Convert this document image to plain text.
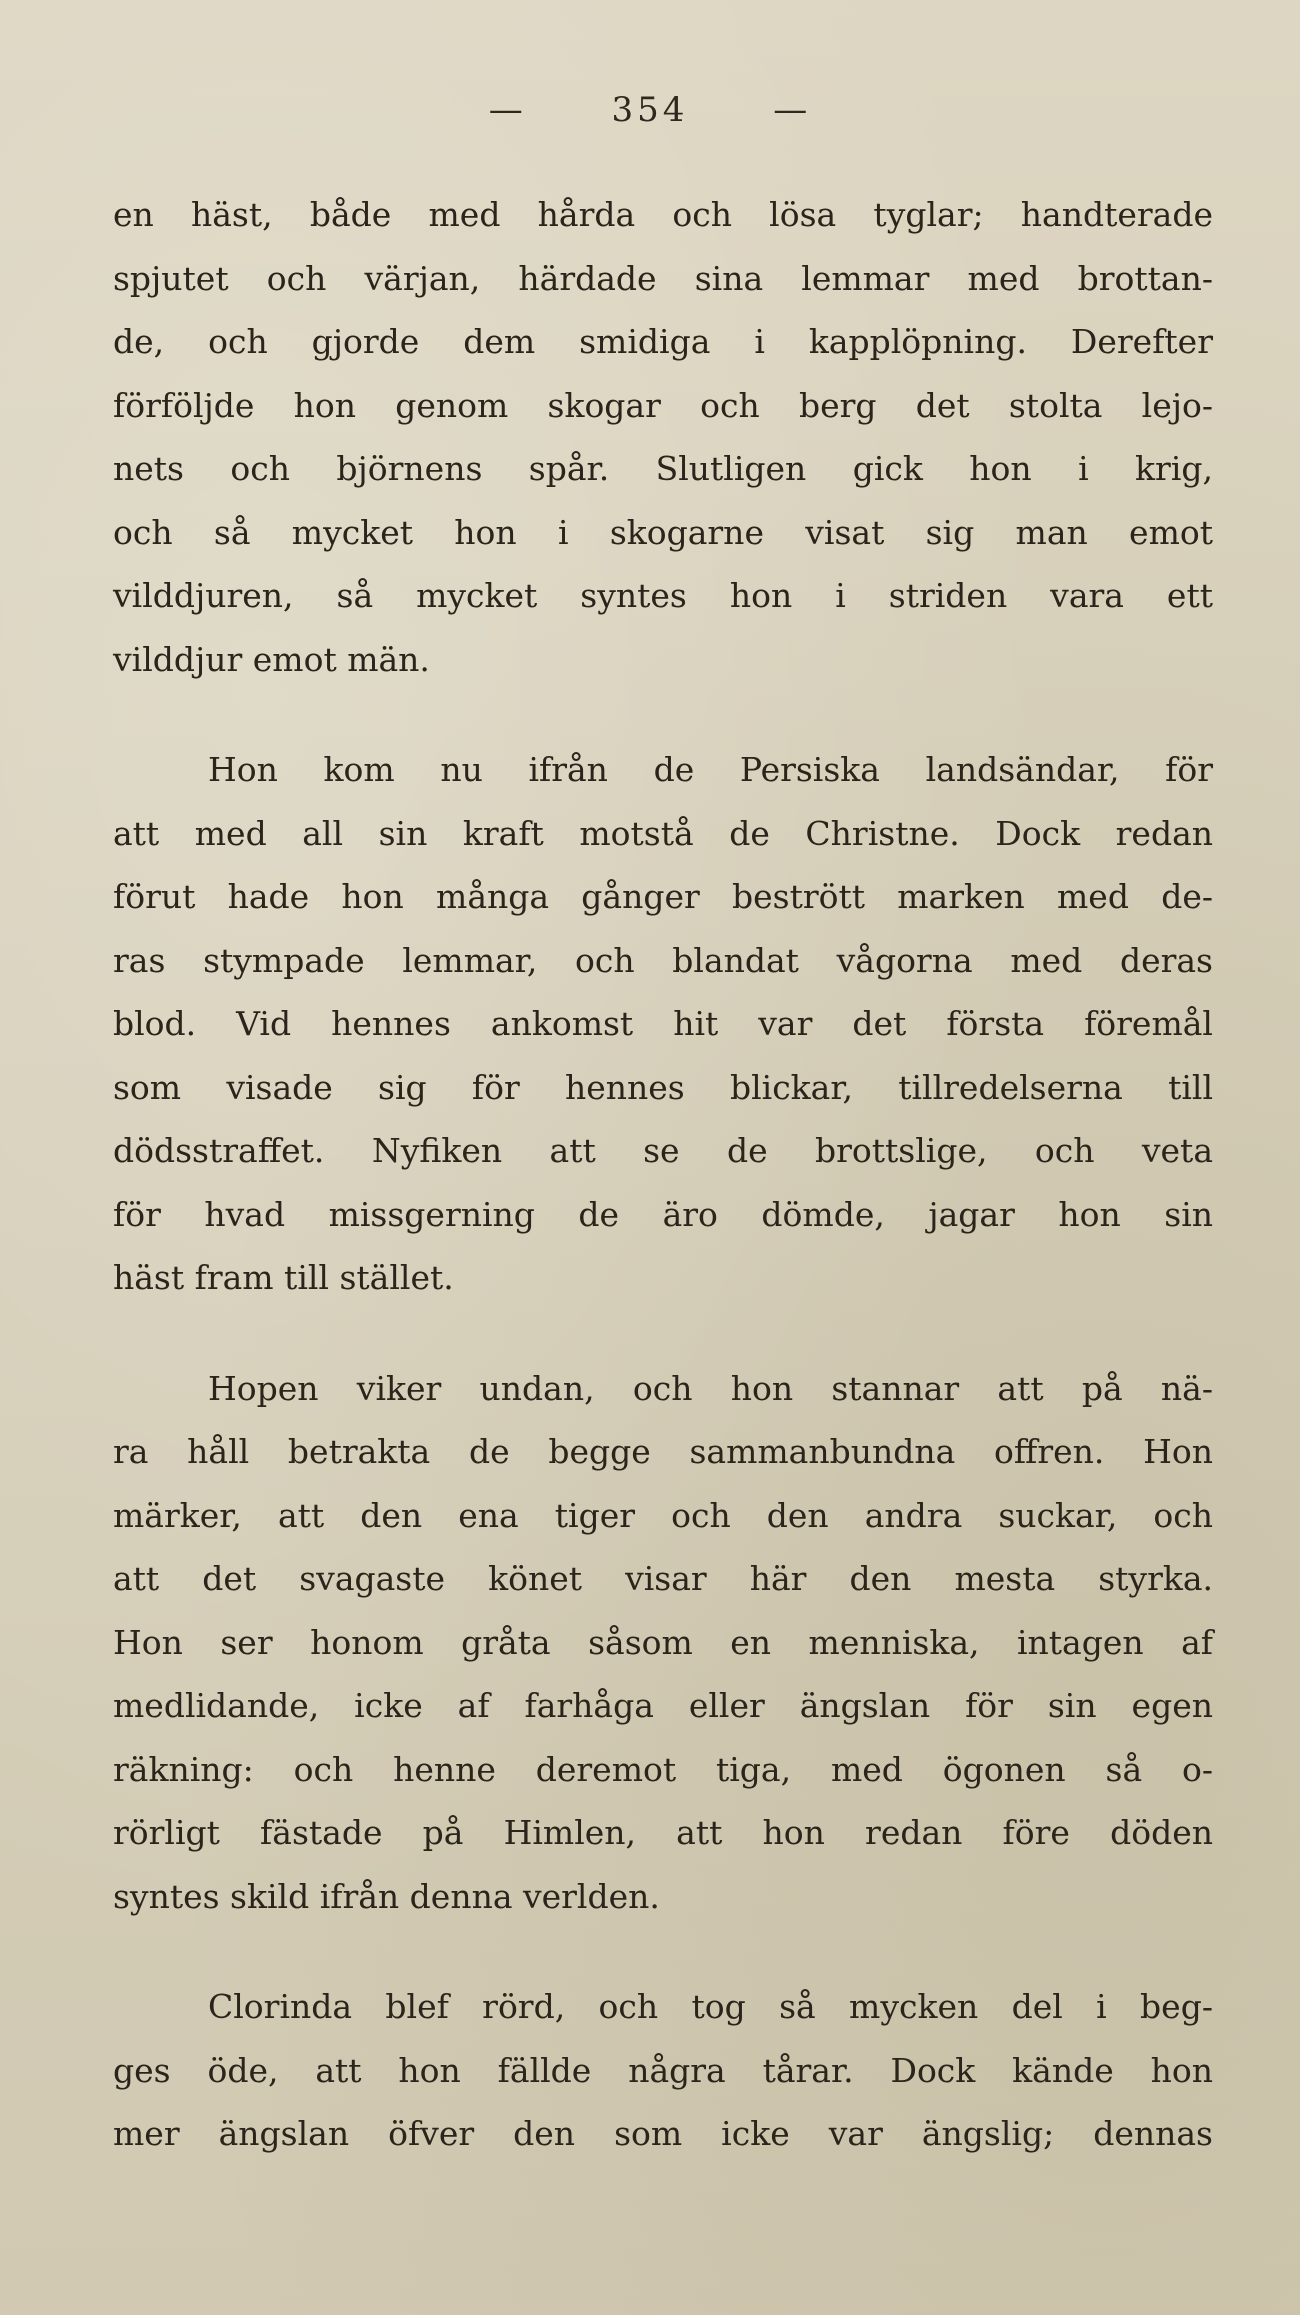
— 354 —
en häst, både med hårda och lösa tyglar; handterade
spjutet och värjan, härdade sina lemmar med brottan-
de, och gjorde dem smidiga i kapplöpning. Derefter
förföljde hon genom skogar och berg det stolta lejo-
nets och björnens spår. Slutligen gick hon i krig,
och så mycket hon i skogarne visat sig man emot
vilddjuren, så mycket syntes hon i striden vara ett
vilddjur emot män.
Hon kom nu ifrån de Persiska landsändar, för
att med all sin kraft motstå de Christne. Dock redan
förut hade hon många gånger bestrött marken med de-
ras stympade lemmar, och blandat vågorna med deras
blod. Vid hennes ankomst hit var det första föremål
som visade sig för hennes blickar, tillredelserna till
dödsstraffet. Nyfiken att se de brottslige, och veta
för hvad missgerning de äro dömde, jagar hon sin
häst fram till stället.
Hopen viker undan, och hon stannar att på nä-
ra håll betrakta de begge sammanbundna offren. Hon
märker, att den ena tiger och den andra suckar, och
att det svagaste könet visar här den mesta styrka.
Hon ser honom gråta såsom en menniska, intagen af
medlidande, icke af farhåga eller ängslan för sin egen
räkning: och henne deremot tiga, med ögonen så o-
rörligt fästade på Himlen, att hon redan före döden
syntes skild ifrån denna verlden.
Clorinda blef rörd, och tog så mycken del i beg-
ges öde, att hon fällde några tårar. Dock kände hon
mer ängslan öfver den som icke var ängslig; dennas
